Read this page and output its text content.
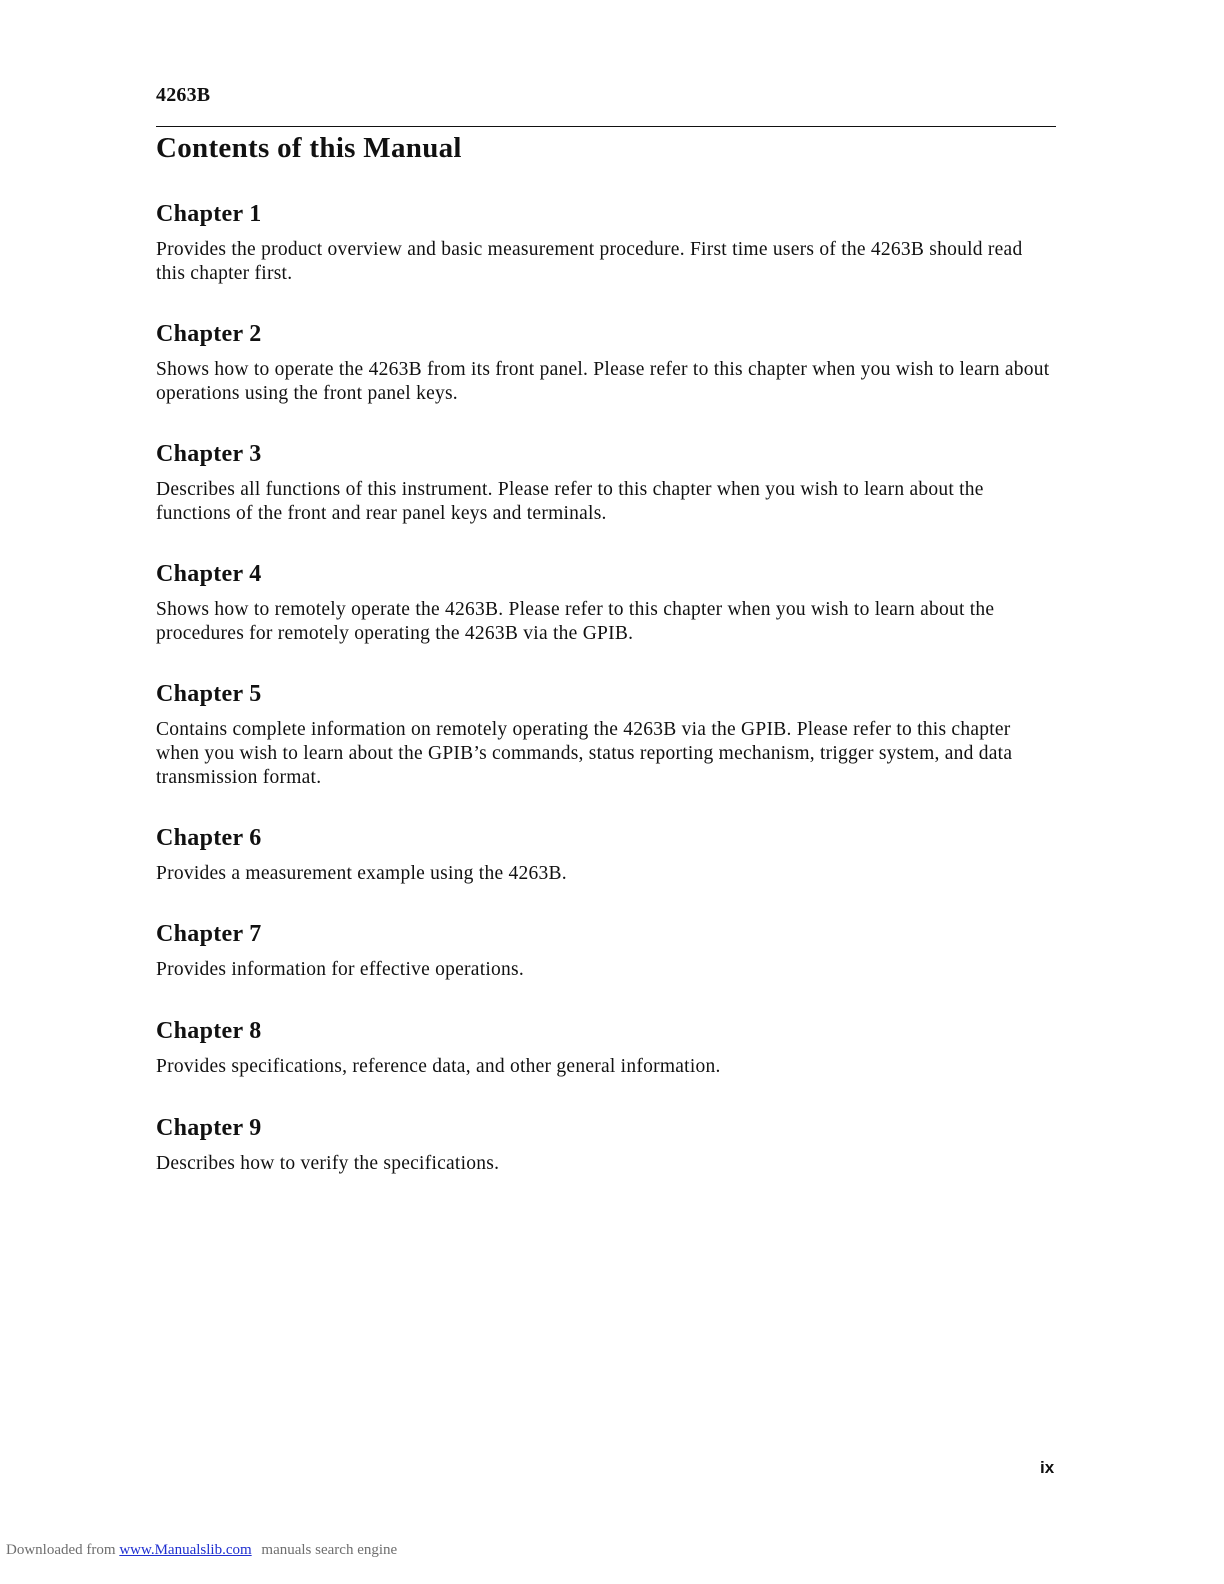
4263B
Contents of this Manual
Chapter 1

Provides the product overview and basic measurement procedure. First time users of the 4263B should read this chapter first.

Chapter 2

Shows how to operate the 4263B from its front panel. Please refer to this chapter when you wish to learn about operations using the front panel keys.

Chapter 3

Describes all functions of this instrument. Please refer to this chapter when you wish to learn about the functions of the front and rear panel keys and terminals.

Chapter 4

Shows how to remotely operate the 4263B. Please refer to this chapter when you wish to learn about the procedures for remotely operating the 4263B via the GPIB.

Chapter 5

Contains complete information on remotely operating the 4263B via the GPIB. Please refer to this chapter when you wish to learn about the GPIB’s commands, status reporting mechanism, trigger system, and data transmission format.

Chapter 6

Provides a measurement example using the 4263B.

Chapter 7

Provides information for effective operations.

Chapter 8

Provides specifications, reference data, and other general information.

Chapter 9

Describes how to verify the specifications.

ix
Downloaded from www.Manualslib.com manuals search engine
